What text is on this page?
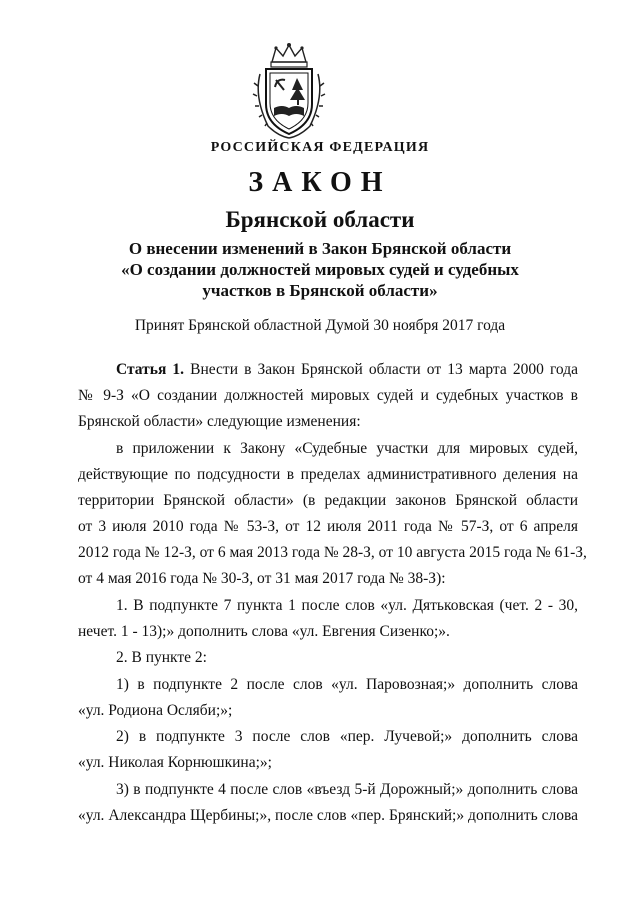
РОССИЙСКАЯ ФЕДЕРАЦИЯ
ЗАКОН
Брянской области
О внесении изменений в Закон Брянской области
«О создании должностей мировых судей и судебных
участков в Брянской области»
Принят Брянской областной Думой 30 ноября 2017 года
Статья 1. Внести в Закон Брянской области от 13 марта 2000 года
№ 9-З «О создании должностей мировых судей и судебных участков в
Брянской области» следующие изменения:
в приложении к Закону «Судебные участки для мировых судей,
действующие по подсудности в пределах административного деления на
территории Брянской области» (в редакции законов Брянской области
от 3 июля 2010 года № 53-З, от 12 июля 2011 года № 57-З, от 6 апреля
2012 года № 12-З, от 6 мая 2013 года № 28-З, от 10 августа 2015 года № 61-З,
от 4 мая 2016 года № 30-З, от 31 мая 2017 года № 38-З):
1. В подпункте 7 пункта 1 после слов «ул. Дятьковская (чет. 2 - 30,
нечет. 1 - 13);» дополнить слова «ул. Евгения Сизенко;».
2. В пункте 2:
1) в подпункте 2 после слов «ул. Паровозная;» дополнить слова
«ул. Родиона Осляби;»;
2) в подпункте 3 после слов «пер. Лучевой;» дополнить слова
«ул. Николая Корнюшкина;»;
3) в подпункте 4 после слов «въезд 5-й Дорожный;» дополнить слова
«ул. Александра Щербины;», после слов «пер. Брянский;» дополнить слова
